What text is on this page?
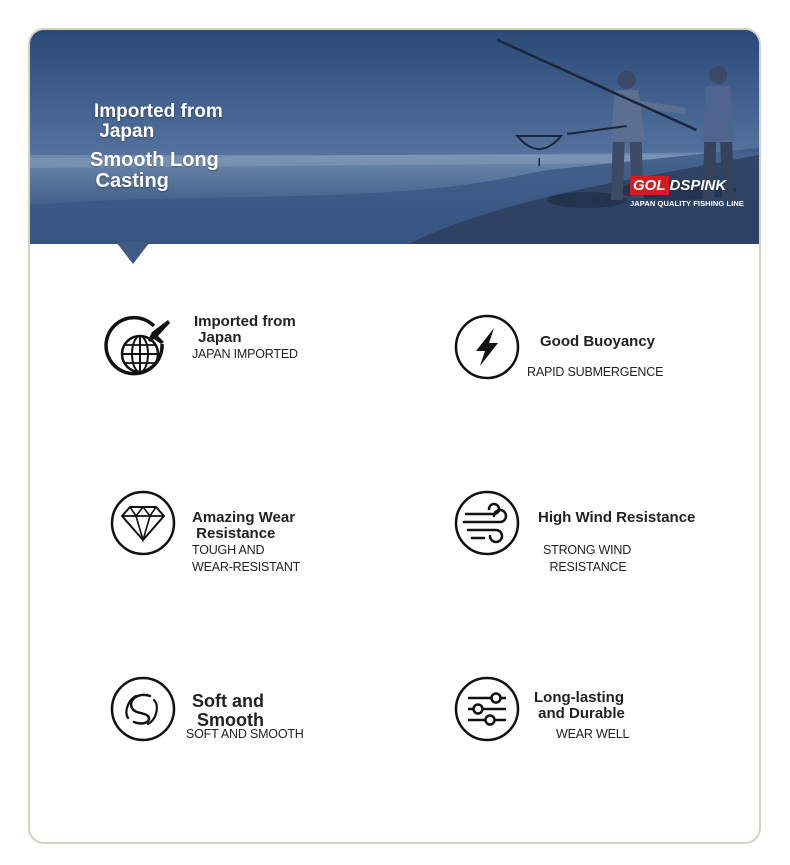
Imported from
Japan
Smooth Long
Casting	GOL DSPINK
JAPAN QUALITY FISHING LINE
Imported from
Japan
JAPAN IMPORTED
Good Buoyancy
RAPID SUBMERGENCE
Amazing Wear
Resistance
TOUGH AND
WEAR-RESISTANT
High Wind Resistance
STRONG WIND
RESISTANCE
Soft and
Smooth
SOFT AND SMOOTH
Long-lasting
and Durable
WEAR WELL
